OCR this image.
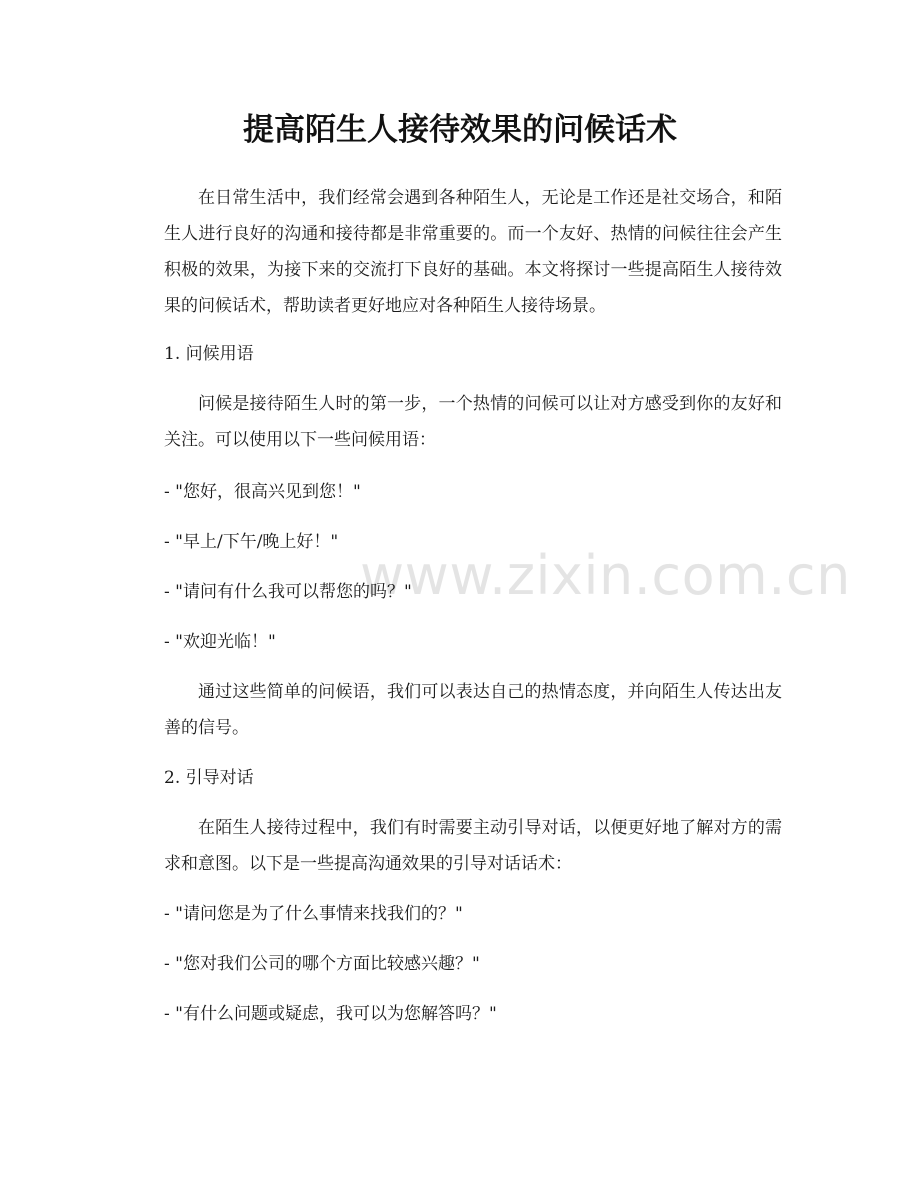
提高陌生人接待效果的问候话术

在日常生活中，我们经常会遇到各种陌生人，无论是工作还是社交场合，和陌生人进行良好的沟通和接待都是非常重要的。而一个友好、热情的问候往往会产生积极的效果，为接下来的交流打下良好的基础。本文将探讨一些提高陌生人接待效果的问候话术，帮助读者更好地应对各种陌生人接待场景。

1. 问候用语

问候是接待陌生人时的第一步，一个热情的问候可以让对方感受到你的友好和关注。可以使用以下一些问候用语：

- "您好，很高兴见到您！"

- "早上/下午/晚上好！"

- "请问有什么我可以帮您的吗？"

- "欢迎光临！"

通过这些简单的问候语，我们可以表达自己的热情态度，并向陌生人传达出友善的信号。

2. 引导对话

在陌生人接待过程中，我们有时需要主动引导对话，以便更好地了解对方的需求和意图。以下是一些提高沟通效果的引导对话话术：

- "请问您是为了什么事情来找我们的？"

- "您对我们公司的哪个方面比较感兴趣？"

- "有什么问题或疑虑，我可以为您解答吗？"

www.zixin.com.cn
